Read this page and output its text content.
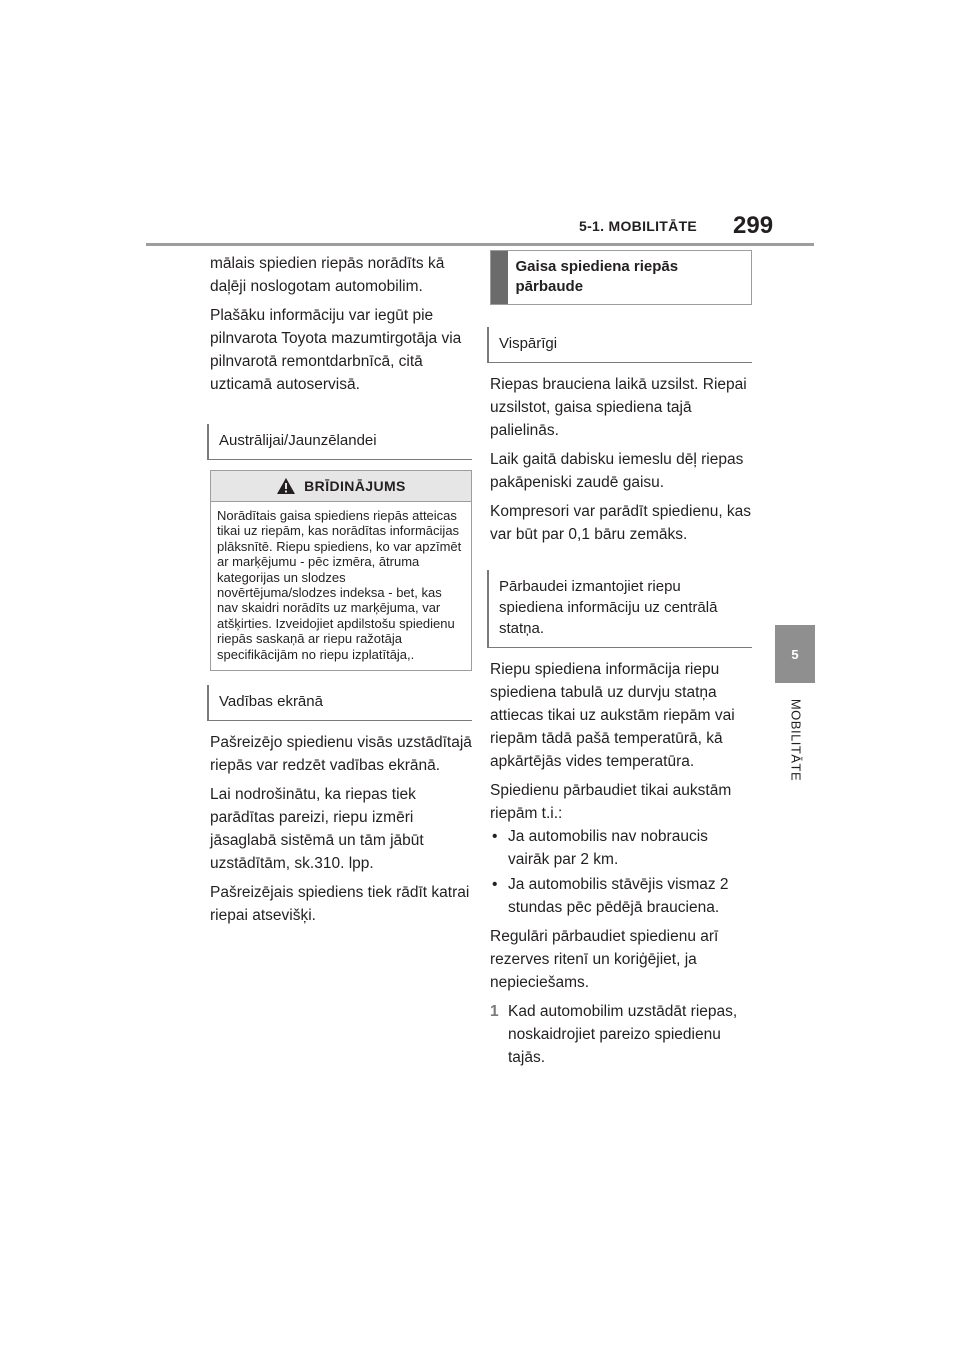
5-1. MOBILITĀTE 299
5
MOBILITĀTE

mālais spiedien riepās norādīts kā daļēji noslogotam automobilim.

Plašāku informāciju var iegūt pie pilnvarota Toyota mazumtirgotāja via pilnvarotā remontdarbnīcā, citā uzticamā autoservisā.

Austrālijai/Jaunzēlandei
BRĪDINĀJUMS
Norādītais gaisa spiediens riepās atteicas tikai uz riepām, kas norādītas informācijas plāksnītē. Riepu spiediens, ko var apzīmēt ar marķējumu - pēc izmēra, ātruma kategorijas un slodzes novērtējuma/slodzes indeksa - bet, kas nav skaidri norādīts uz marķējuma, var atšķirties. Izveidojiet apdilstošu spiedienu riepās saskaņā ar riepu ražotāja specifikācijām no riepu izplatītāja,.
Vadības ekrānā

Pašreizējo spiedienu visās uzstādītajā riepās var redzēt vadības ekrānā.

Lai nodrošinātu, ka riepas tiek parādītas pareizi, riepu izmēri jāsaglabā sistēmā un tām jābūt uzstādītām, sk.310. lpp.

Pašreizējais spiediens tiek rādīt katrai riepai atsevišķi.

Gaisa spiediena riepās pārbaude
Vispārīgi

Riepas brauciena laikā uzsilst. Riepai uzsilstot, gaisa spiediena tajā palielinās.

Laik gaitā dabisku iemeslu dēļ riepas pakāpeniski zaudē gaisu.

Kompresori var parādīt spiedienu, kas var būt par 0,1 bāru zemāks.

Pārbaudei izmantojiet riepu spiediena informāciju uz centrālā statņa.

Riepu spiediena informācija riepu spiediena tabulā uz durvju statņa attiecas tikai uz aukstām riepām vai riepām tādā pašā temperatūrā, kā apkārtējās vides temperatūra.

Spiedienu pārbaudiet tikai aukstām riepām t.i.:

• Ja automobilis nav nobraucis vairāk par 2 km.
• Ja automobilis stāvējis vismaz 2 stundas pēc pēdējā brauciena.

Regulāri pārbaudiet spiedienu arī rezerves ritenī un koriģējiet, ja nepieciešams.

1 Kad automobilim uzstādāt riepas, noskaidrojiet pareizo spiedienu tajās.
